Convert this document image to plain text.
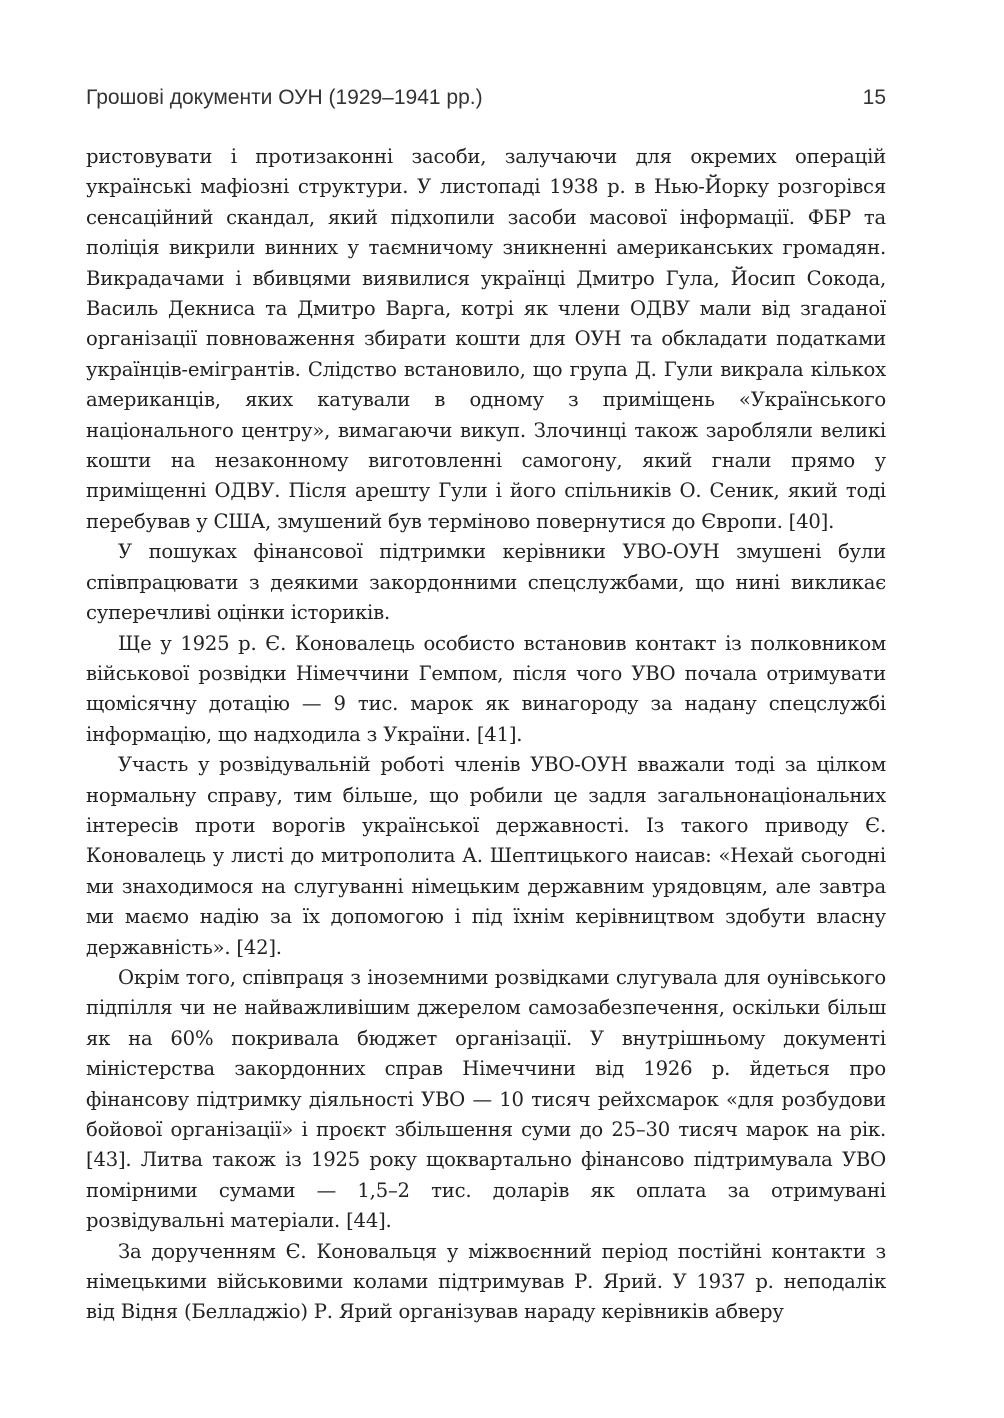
Грошові документи ОУН (1929–1941 рр.)	15

ристовувати і протизаконні засоби, залучаючи для окремих операцій українські мафіозні структури. У листопаді 1938 р. в Нью-Йорку розгорівся сенсаційний скандал, який підхопили засоби масової інформації. ФБР та поліція викрили винних у таємничому зникненні американських громадян. Викрадачами і вбивцями виявилися українці Дмитро Гула, Йосип Сокода, Василь Декниса та Дмитро Варга, котрі як члени ОДВУ мали від згаданої організації повноваження збирати кошти для ОУН та обкладати податками українців-емігрантів. Слідство встановило, що група Д. Гули викрала кількох американців, яких катували в одному з приміщень «Українського національного центру», вимагаючи викуп. Злочинці також заробляли великі кошти на незаконному виготовленні самогону, який гнали прямо у приміщенні ОДВУ. Після арешту Гули і його спільників О. Сеник, який тоді перебував у США, змушений був терміново повернутися до Європи. [40].

У пошуках фінансової підтримки керівники УВО-ОУН змушені були співпрацювати з деякими закордонними спецслужбами, що нині викликає суперечливі оцінки істориків.

Ще у 1925 р. Є. Коновалець особисто встановив контакт із полковником військової розвідки Німеччини Гемпом, після чого УВО почала отримувати щомісячну дотацію — 9 тис. марок як винагороду за надану спецслужбі інформацію, що надходила з України. [41].

Участь у розвідувальній роботі членів УВО-ОУН вважали тоді за цілком нормальну справу, тим більше, що робили це задля загальнонаціональних інтересів проти ворогів української державності. Із такого приводу Є. Коновалець у листі до митрополита А. Шептицького наисав: «Нехай сьогодні ми знаходимося на слугуванні німецьким державним урядовцям, але завтра ми маємо надію за їх допомогою і під їхнім керівництвом здобути власну державність». [42].

Окрім того, співпраця з іноземними розвідками слугувала для оунівського підпілля чи не найважливішим джерелом самозабезпечення, оскільки більш як на 60% покривала бюджет організації. У внутрішньому документі міністерства закордонних справ Німеччини від 1926 р. йдеться про фінансову підтримку діяльності УВО — 10 тисяч рейхсмарок «для розбудови бойової організації» і проєкт збільшення суми до 25–30 тисяч марок на рік. [43]. Литва також із 1925 року щоквартально фінансово підтримувала УВО помірними сумами — 1,5–2 тис. доларів як оплата за отримувані розвідувальні матеріали. [44].

За дорученням Є. Коновальця у міжвоєнний період постійні контакти з німецькими військовими колами підтримував Р. Ярий. У 1937 р. неподалік від Відня (Белладжіо) Р. Ярий організував нараду керівників абверу
